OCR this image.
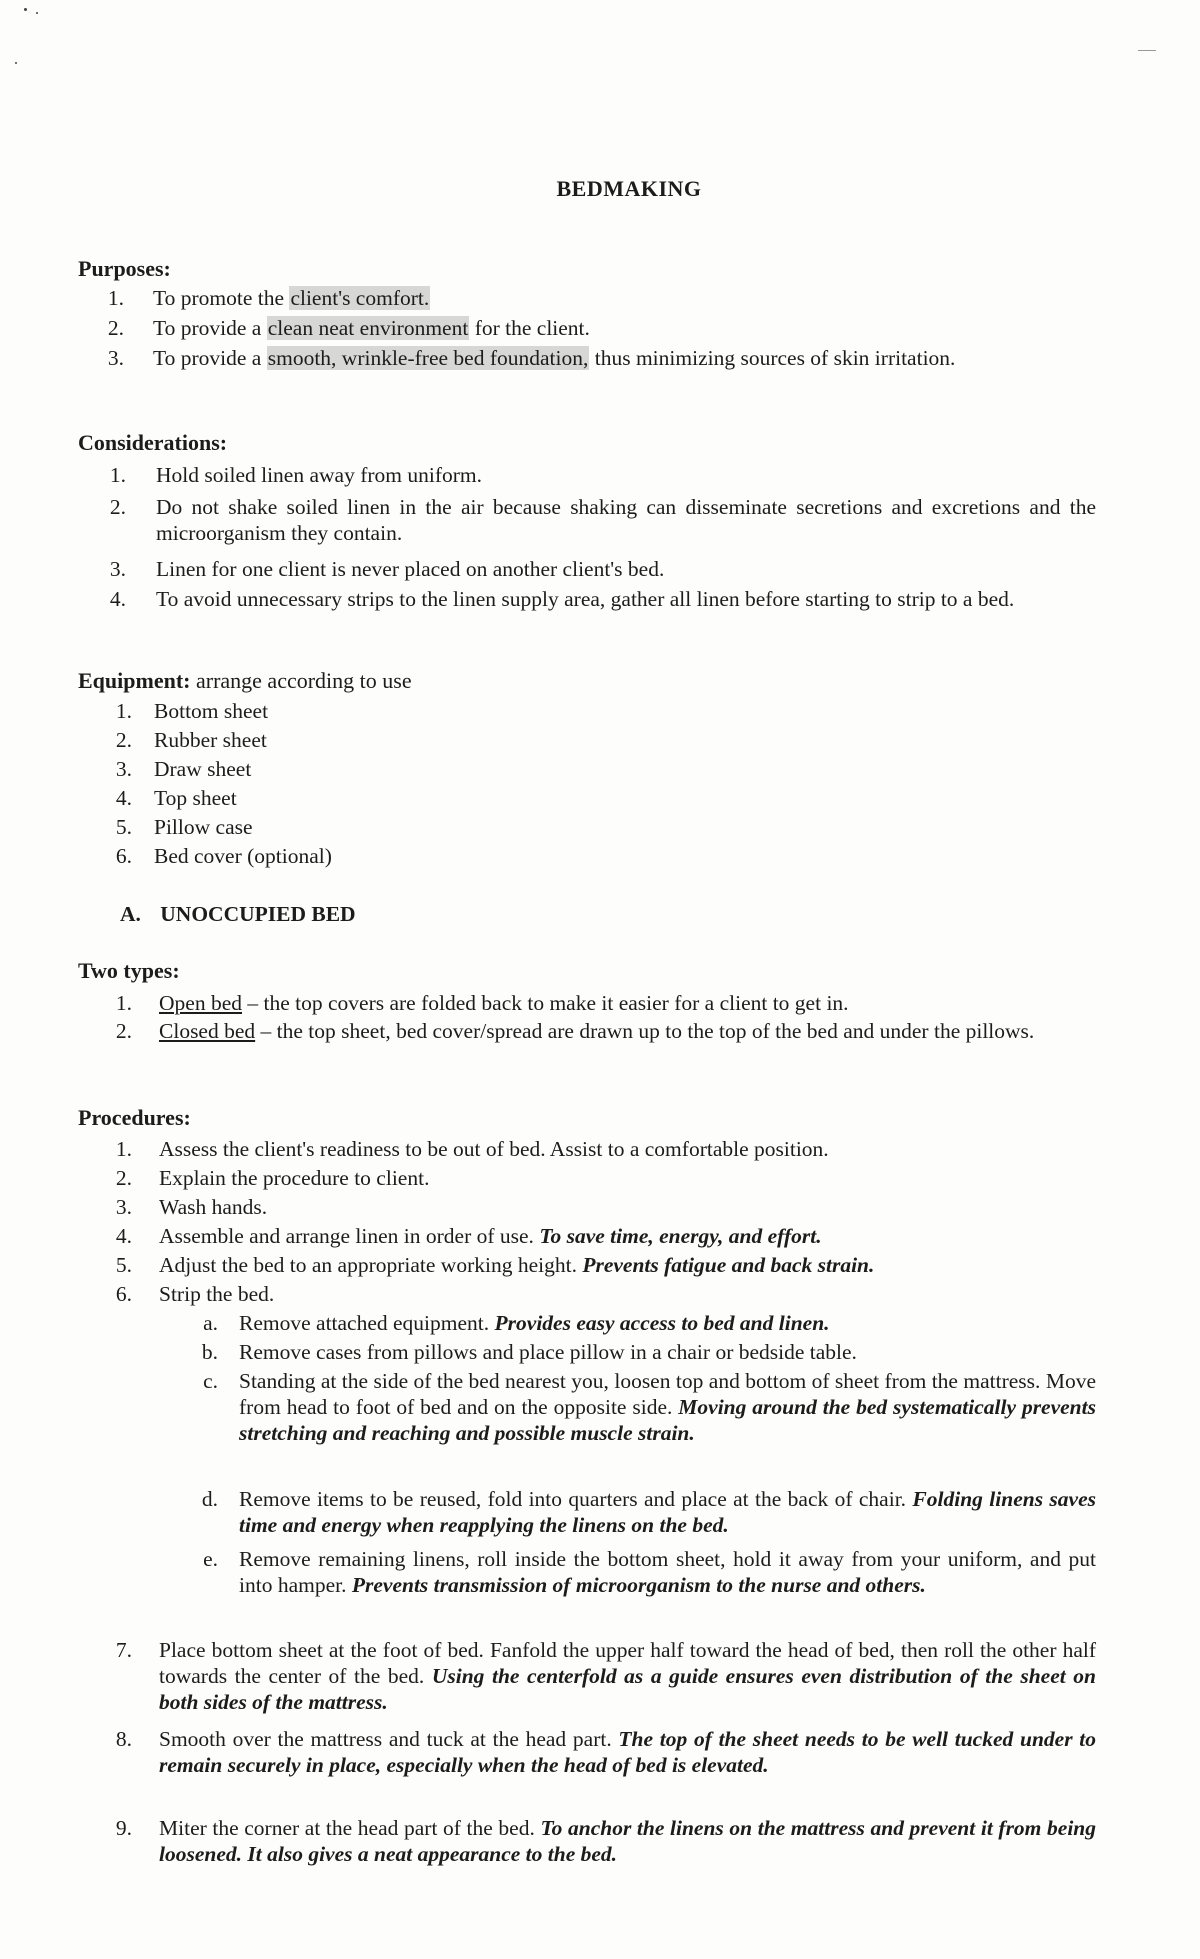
BEDMAKING
Purposes:
1. To promote the client's comfort.
2. To provide a clean neat environment for the client.
3. To provide a smooth, wrinkle-free bed foundation, thus minimizing sources of skin irritation.
Considerations:
1. Hold soiled linen away from uniform.
2. Do not shake soiled linen in the air because shaking can disseminate secretions and excretions and the microorganism they contain.
3. Linen for one client is never placed on another client's bed.
4. To avoid unnecessary strips to the linen supply area, gather all linen before starting to strip to a bed.
Equipment: arrange according to use
1. Bottom sheet
2. Rubber sheet
3. Draw sheet
4. Top sheet
5. Pillow case
6. Bed cover (optional)
A. UNOCCUPIED BED
Two types:
1. Open bed – the top covers are folded back to make it easier for a client to get in.
2. Closed bed – the top sheet, bed cover/spread are drawn up to the top of the bed and under the pillows.
Procedures:
1. Assess the client's readiness to be out of bed. Assist to a comfortable position.
2. Explain the procedure to client.
3. Wash hands.
4. Assemble and arrange linen in order of use. To save time, energy, and effort.
5. Adjust the bed to an appropriate working height. Prevents fatigue and back strain.
6. Strip the bed.
a. Remove attached equipment. Provides easy access to bed and linen.
b. Remove cases from pillows and place pillow in a chair or bedside table.
c. Standing at the side of the bed nearest you, loosen top and bottom of sheet from the mattress. Move from head to foot of bed and on the opposite side. Moving around the bed systematically prevents stretching and reaching and possible muscle strain.
d. Remove items to be reused, fold into quarters and place at the back of chair. Folding linens saves time and energy when reapplying the linens on the bed.
e. Remove remaining linens, roll inside the bottom sheet, hold it away from your uniform, and put into hamper. Prevents transmission of microorganism to the nurse and others.
7. Place bottom sheet at the foot of bed. Fanfold the upper half toward the head of bed, then roll the other half towards the center of the bed. Using the centerfold as a guide ensures even distribution of the sheet on both sides of the mattress.
8. Smooth over the mattress and tuck at the head part. The top of the sheet needs to be well tucked under to remain securely in place, especially when the head of bed is elevated.
9. Miter the corner at the head part of the bed. To anchor the linens on the mattress and prevent it from being loosened. It also gives a neat appearance to the bed.
